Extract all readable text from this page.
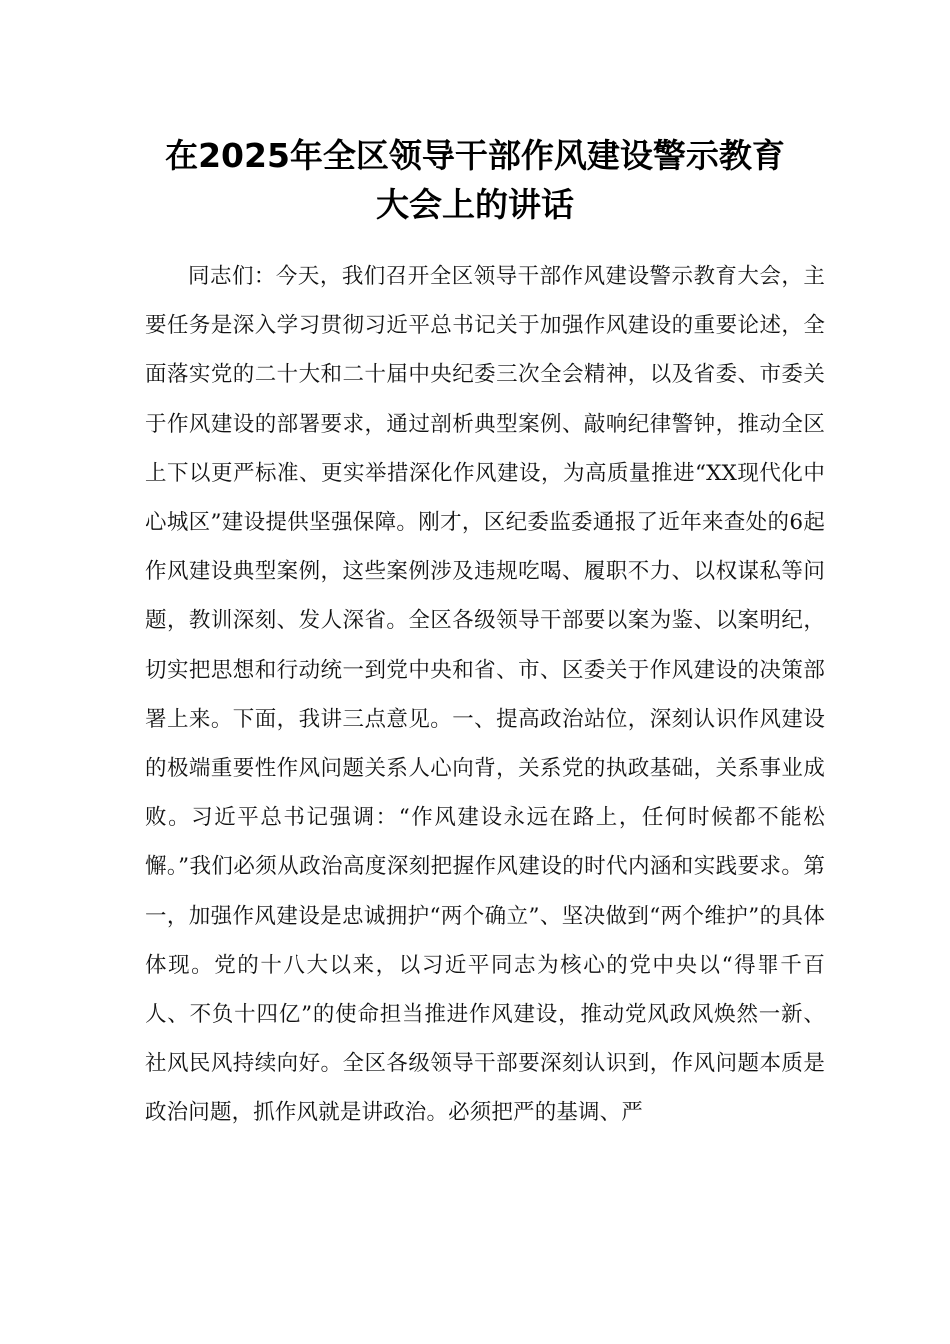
在2025年全区领导干部作风建设警示教育
大会上的讲话

同志们：今天，我们召开全区领导干部作风建设警示教育大会，主要任务是深入学习贯彻习近平总书记关于加强作风建设的重要论述，全面落实党的二十大和二十届中央纪委三次全会精神，以及省委、市委关于作风建设的部署要求，通过剖析典型案例、敲响纪律警钟，推动全区上下以更严标准、更实举措深化作风建设，为高质量推进“XX现代化中心城区”建设提供坚强保障。刚才，区纪委监委通报了近年来查处的6起作风建设典型案例，这些案例涉及违规吃喝、履职不力、以权谋私等问题，教训深刻、发人深省。全区各级领导干部要以案为鉴、以案明纪，切实把思想和行动统一到党中央和省、市、区委关于作风建设的决策部署上来。下面，我讲三点意见。一、提高政治站位，深刻认识作风建设的极端重要性作风问题关系人心向背，关系党的执政基础，关系事业成败。习近平总书记强调：“作风建设永远在路上，任何时候都不能松懈。”我们必须从政治高度深刻把握作风建设的时代内涵和实践要求。第一，加强作风建设是忠诚拥护“两个确立”、坚决做到“两个维护”的具体体现。党的十八大以来，以习近平同志为核心的党中央以“得罪千百人、不负十四亿”的使命担当推进作风建设，推动党风政风焕然一新、社风民风持续向好。全区各级领导干部要深刻认识到，作风问题本质是政治问题，抓作风就是讲政治。必须把严的基调、严
